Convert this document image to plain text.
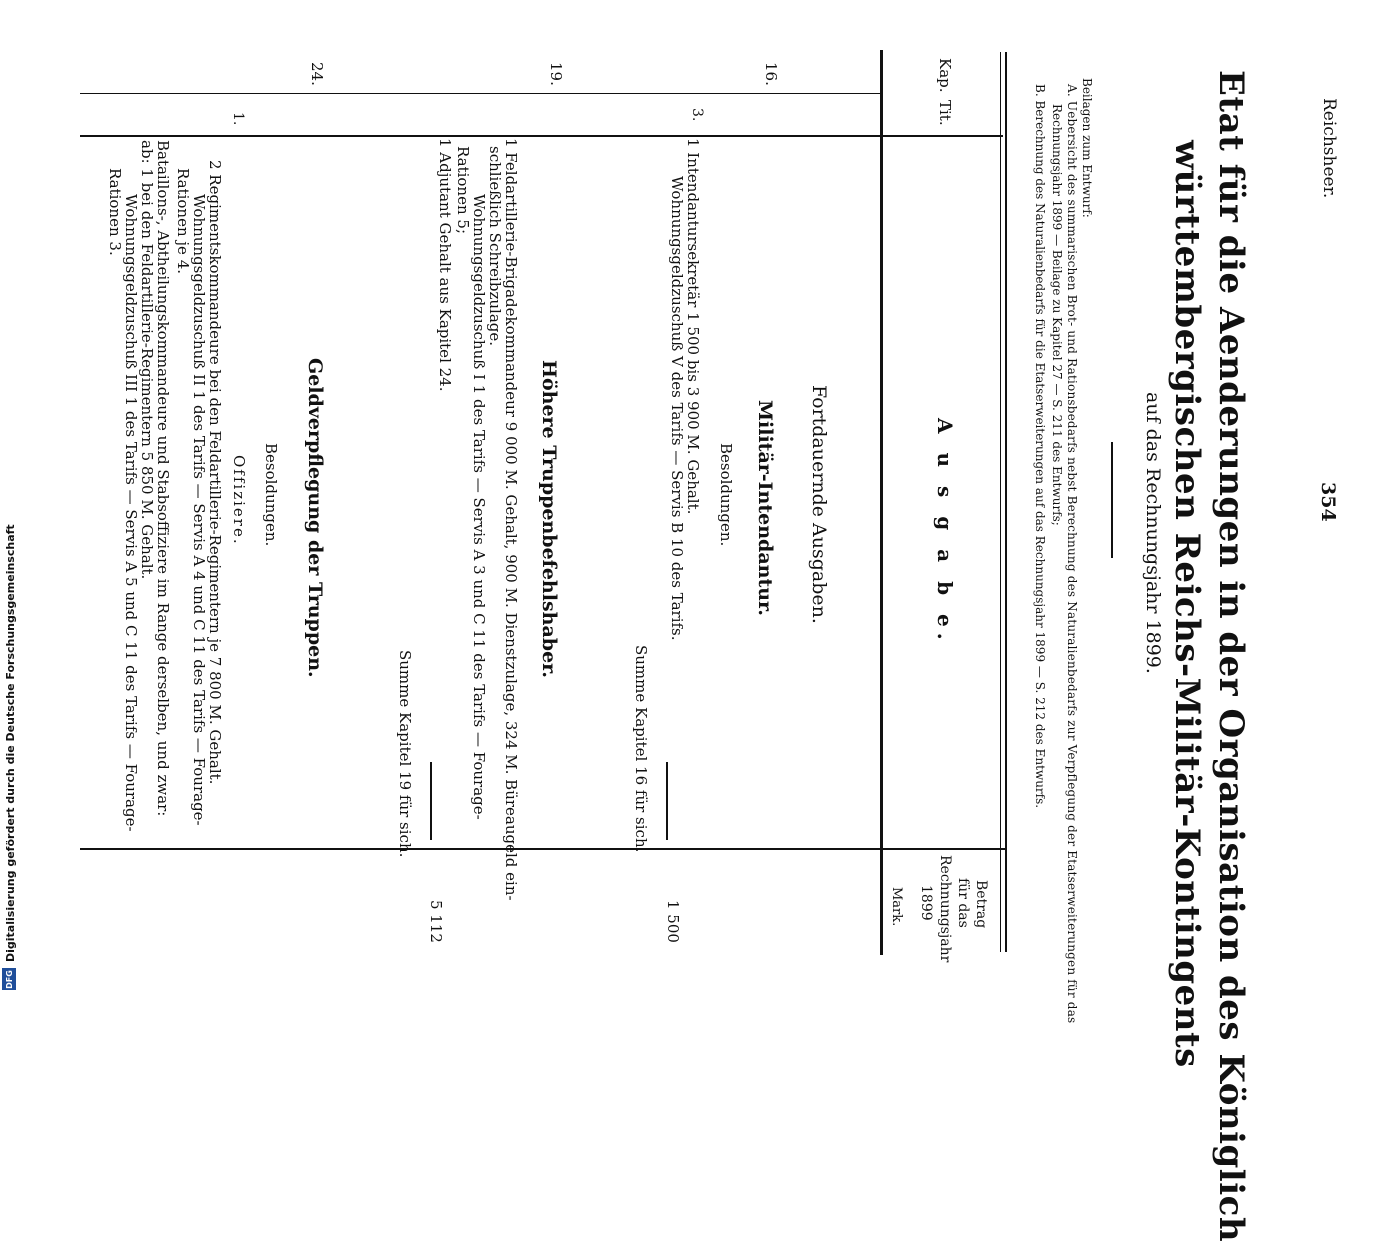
Reichsheer.
354
Etat für die Aenderungen in der Organisation des Königlich
württembergischen Reichs-Militär-Kontingents
auf das Rechnungsjahr 1899.
Beilagen zum Entwurf:
A. Uebersicht des summarischen Brot- und Rationsbedarfs nebst Berechnung des Naturalienbedarfs zur Verpflegung der Etatserweiterungen für das
Rechnungsjahr 1899 — Beilage zu Kapitel 27 — S. 211 des Entwurfs;
B. Berechnung des Naturalienbedarfs für die Etatserweiterungen auf das Rechnungsjahr 1899 — S. 212 des Entwurfs.
Kap.
Tit.
A u s g a b e.
Betrag
für das
Rechnungsjahr
1899
Mark.
Fortdauernde Ausgaben.
16.
Militär-Intendantur.
Besoldungen.
3.
1 Intendantursekretär 1 500 bis 3 900 M. Gehalt.
Wohnungsgeldzuschuß V des Tarifs — Servis B 10 des Tarifs.
Summe Kapitel 16 für sich.
1 500
19.
Höhere Truppenbefehlshaber.
1 Feldartillerie-Brigadekommandeur 9 000 M. Gehalt, 900 M. Dienstzulage, 324 M. Büreaugeld ein-
schließlich Schreibzulage.
Wohnungsgeldzuschuß I 1 des Tarifs — Servis A 3 und C 11 des Tarifs — Fourage-
Rationen 5;
1 Adjutant Gehalt aus Kapitel 24.
Summe Kapitel 19 für sich.
5 112
24.
Geldverpflegung der Truppen.
Besoldungen.
Offiziere.
1.
2 Regimentskommandeure bei den Feldartillerie-Regimentern je 7 800 M. Gehalt.
Wohnungsgeldzuschuß II 1 des Tarifs — Servis A 4 und C 11 des Tarifs — Fourage-
Rationen je 4.
Bataillons-, Abtheilungskommandeure und Stabsoffiziere im Range derselben, und zwar:
ab: 1 bei den Feldartillerie-Regimentern 5 850 M. Gehalt.
Wohnungsgeldzuschuß III 1 des Tarifs — Servis A 5 und C 11 des Tarifs — Fourage-
Rationen 3.
Digitalisierung gefördert durch die Deutsche Forschungsgemeinschaft
DFG
